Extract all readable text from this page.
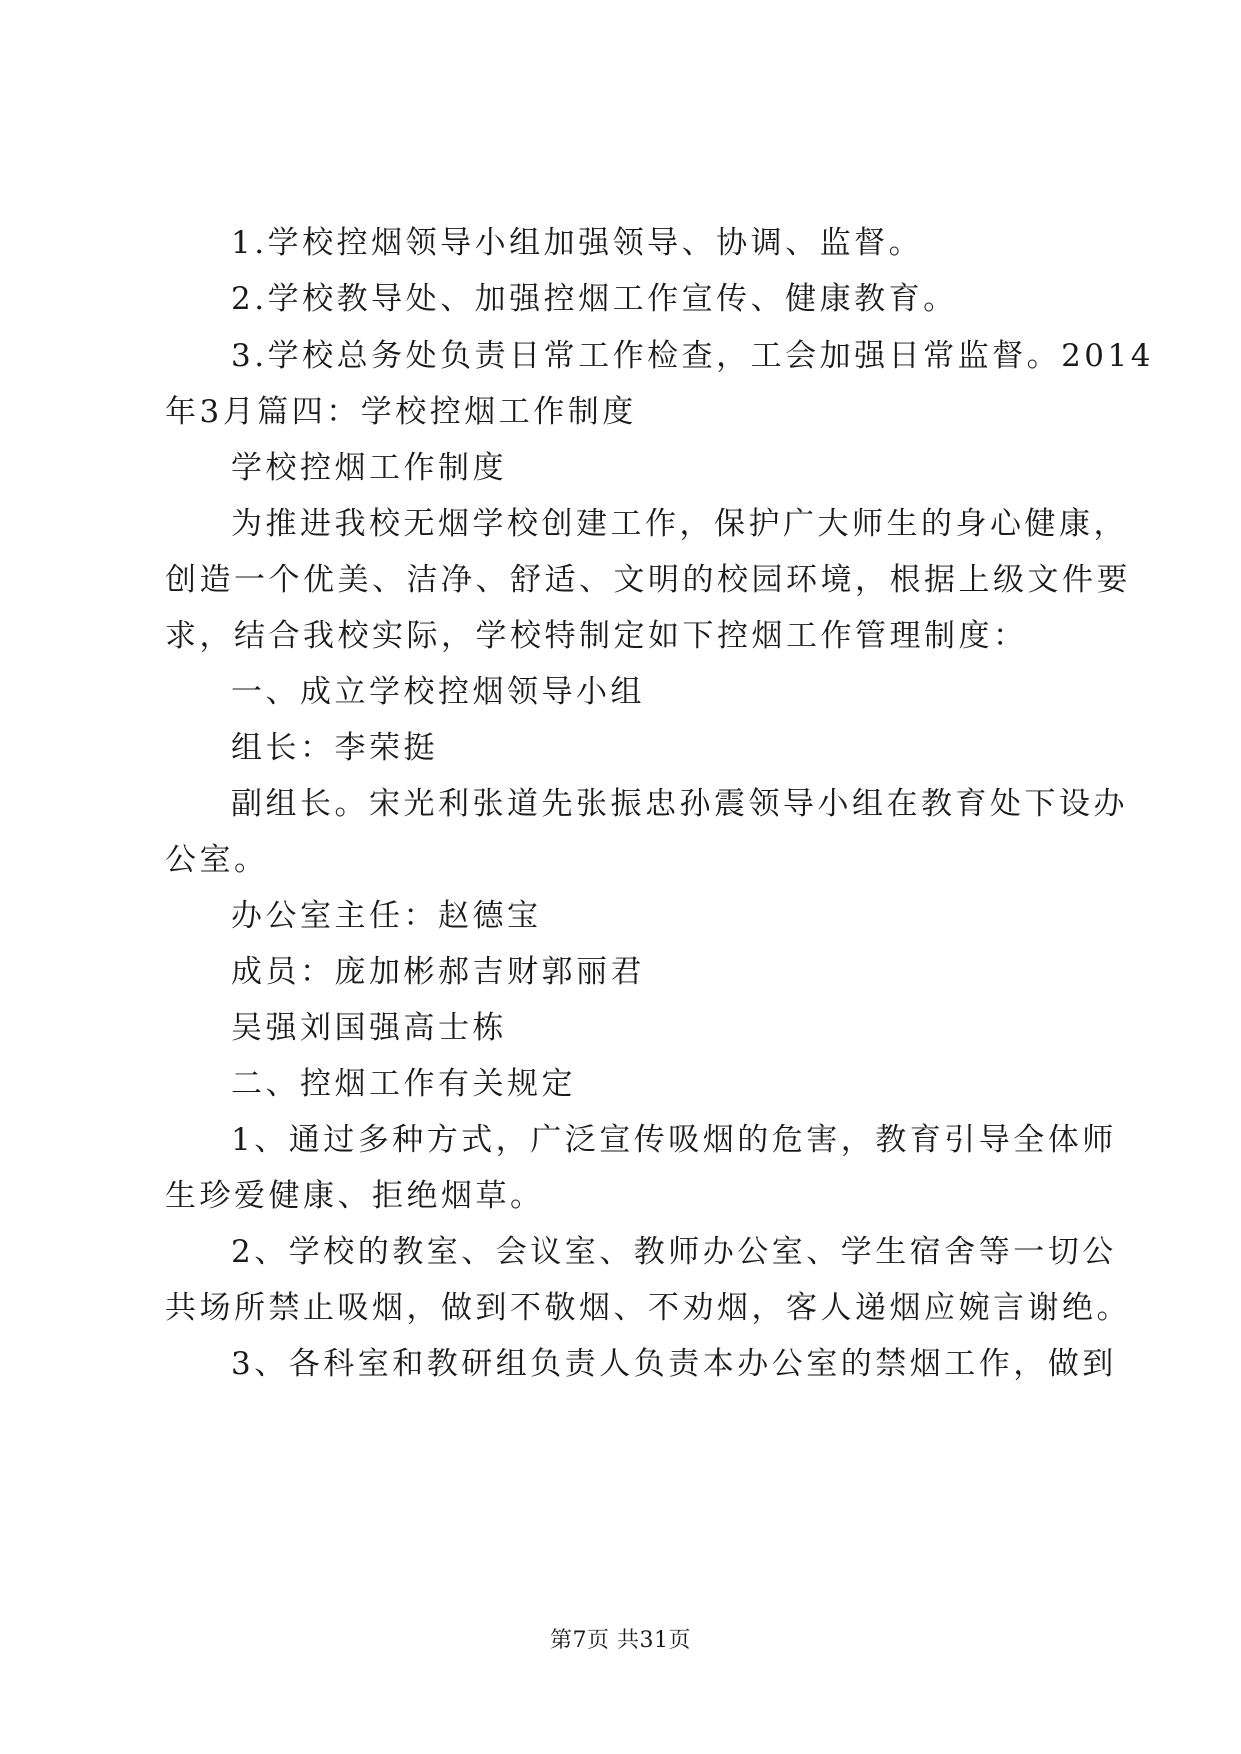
1.学校控烟领导小组加强领导、协调、监督。
2.学校教导处、加强控烟工作宣传、健康教育。
3.学校总务处负责日常工作检查，工会加强日常监督。2014
年3月篇四：学校控烟工作制度
学校控烟工作制度
为推进我校无烟学校创建工作，保护广大师生的身心健康，
创造一个优美、洁净、舒适、文明的校园环境，根据上级文件要
求，结合我校实际，学校特制定如下控烟工作管理制度：
一、成立学校控烟领导小组
组长：李荣挺
副组长。宋光利张道先张振忠孙震领导小组在教育处下设办
公室。
办公室主任：赵德宝
成员：庞加彬郝吉财郭丽君
吴强刘国强高士栋
二、控烟工作有关规定
1、通过多种方式，广泛宣传吸烟的危害，教育引导全体师
生珍爱健康、拒绝烟草。
2、学校的教室、会议室、教师办公室、学生宿舍等一切公
共场所禁止吸烟，做到不敬烟、不劝烟，客人递烟应婉言谢绝。
3、各科室和教研组负责人负责本办公室的禁烟工作，做到
第7页 共31页
